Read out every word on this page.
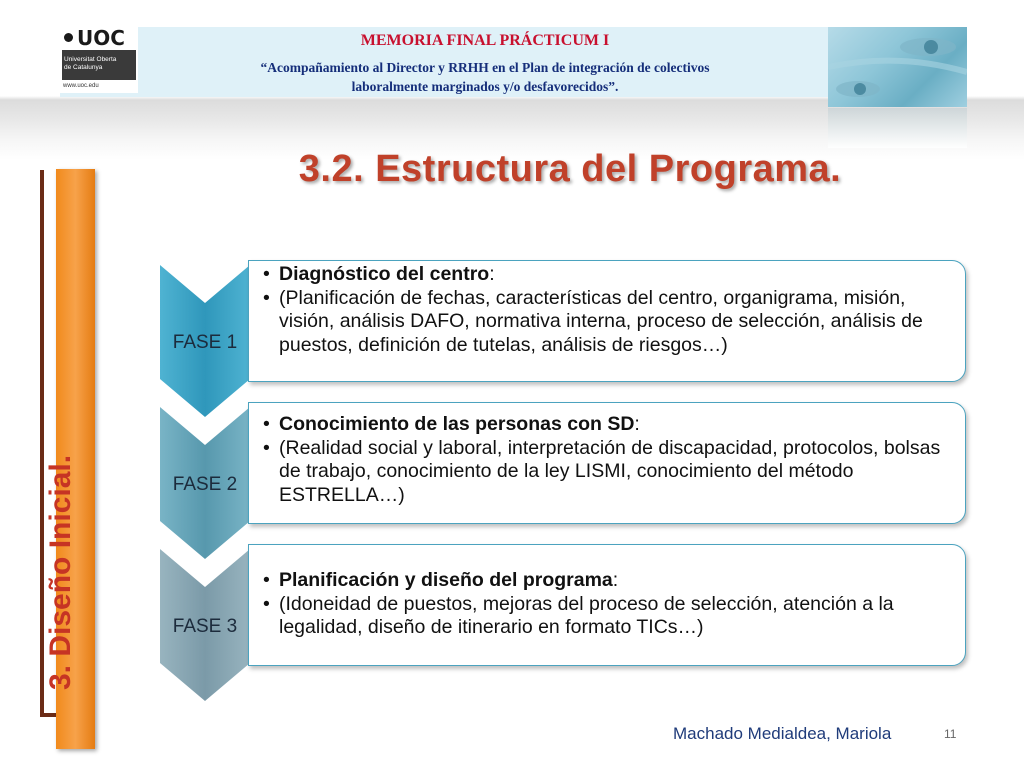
UOC
Universitat Oberta
de Catalunya
www.uoc.edu
MEMORIA FINAL PRÁCTICUM I
“Acompañamiento al Director y RRHH en el Plan de integración de colectivos
laboralmente marginados y/o desfavorecidos”.
3.2. Estructura del Programa.
3. Diseño Inicial.
FASE 1
• Diagnóstico del centro:
• (Planificación de fechas, características del centro, organigrama, misión, visión, análisis DAFO, normativa interna, proceso de selección, análisis de puestos, definición de tutelas, análisis de riesgos…)
FASE 2
• Conocimiento de las personas con SD:
• (Realidad social y laboral, interpretación de discapacidad, protocolos, bolsas de trabajo, conocimiento de la ley LISMI, conocimiento del método ESTRELLA…)
FASE 3
• Planificación y diseño del programa:
• (Idoneidad de puestos, mejoras del proceso de selección, atención a la legalidad, diseño de itinerario en formato TICs…)
Machado Medialdea, Mariola	11
